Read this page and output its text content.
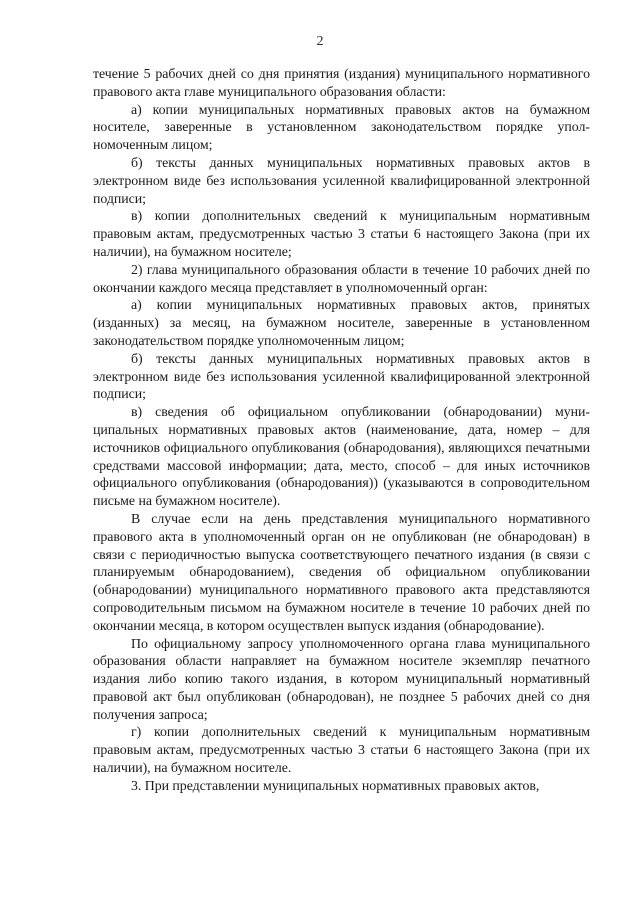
2

течение 5 рабочих дней со дня принятия (издания) муниципального нормативного правового акта главе муниципального образования области:

а) копии муниципальных нормативных правовых актов на бумажном носителе, заверенные в установленном законодательством порядке уполномоченным лицом;

б) тексты данных муниципальных нормативных правовых актов в электронном виде без использования усиленной квалифицированной электронной подписи;

в) копии дополнительных сведений к муниципальным нормативным правовым актам, предусмотренных частью 3 статьи 6 настоящего Закона (при их наличии), на бумажном носителе;

2) глава муниципального образования области в течение 10 рабочих дней по окончании каждого месяца представляет в уполномоченный орган:

а) копии муниципальных нормативных правовых актов, принятых (изданных) за месяц, на бумажном носителе, заверенные в установленном законодательством порядке уполномоченным лицом;

б) тексты данных муниципальных нормативных правовых актов в электронном виде без использования усиленной квалифицированной электронной подписи;

в) сведения об официальном опубликовании (обнародовании) муниципальных нормативных правовых актов (наименование, дата, номер – для источников официального опубликования (обнародования), являющихся печатными средствами массовой информации; дата, место, способ – для иных источников официального опубликования (обнародования)) (указываются в сопроводительном письме на бумажном носителе).

В случае если на день представления муниципального нормативного правового акта в уполномоченный орган он не опубликован (не обнародован) в связи с периодичностью выпуска соответствующего печатного издания (в связи с планируемым обнародованием), сведения об официальном опубликовании (обнародовании) муниципального нормативного правового акта представляются сопроводительным письмом на бумажном носителе в течение 10 рабочих дней по окончании месяца, в котором осуществлен выпуск издания (обнародование).

По официальному запросу уполномоченного органа глава муниципального образования области направляет на бумажном носителе экземпляр печатного издания либо копию такого издания, в котором муниципальный нормативный правовой акт был опубликован (обнародован), не позднее 5 рабочих дней со дня получения запроса;

г) копии дополнительных сведений к муниципальным нормативным правовым актам, предусмотренных частью 3 статьи 6 настоящего Закона (при их наличии), на бумажном носителе.

3. При представлении муниципальных нормативных правовых актов,
